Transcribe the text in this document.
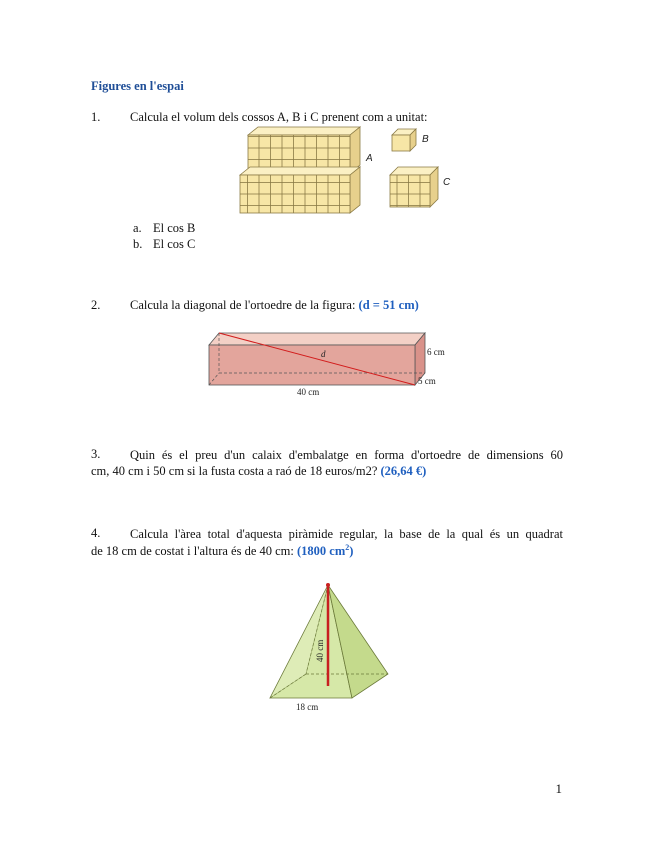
Figures en l'espai
1. Calcula el volum dels cossos A, B i C prenent com a unitat:
A
B
C
a. El cos B
b. El cos C
2. Calcula la diagonal de l'ortoedre de la figura: (d = 51 cm)
d	6 cm
5 cm
40 cm
3. Quin és el preu d'un calaix d'embalatge en forma d'ortoedre de dimensions 60
cm, 40 cm i 50 cm si la fusta costa a raó de 18 euros/m2? (26,64 €)
4. Calcula l'àrea total d'aquesta piràmide regular, la base de la qual és un quadrat
de 18 cm de costat i l'altura és de 40 cm: (1800 $cm^2$)
40 cm
18 cm
1
